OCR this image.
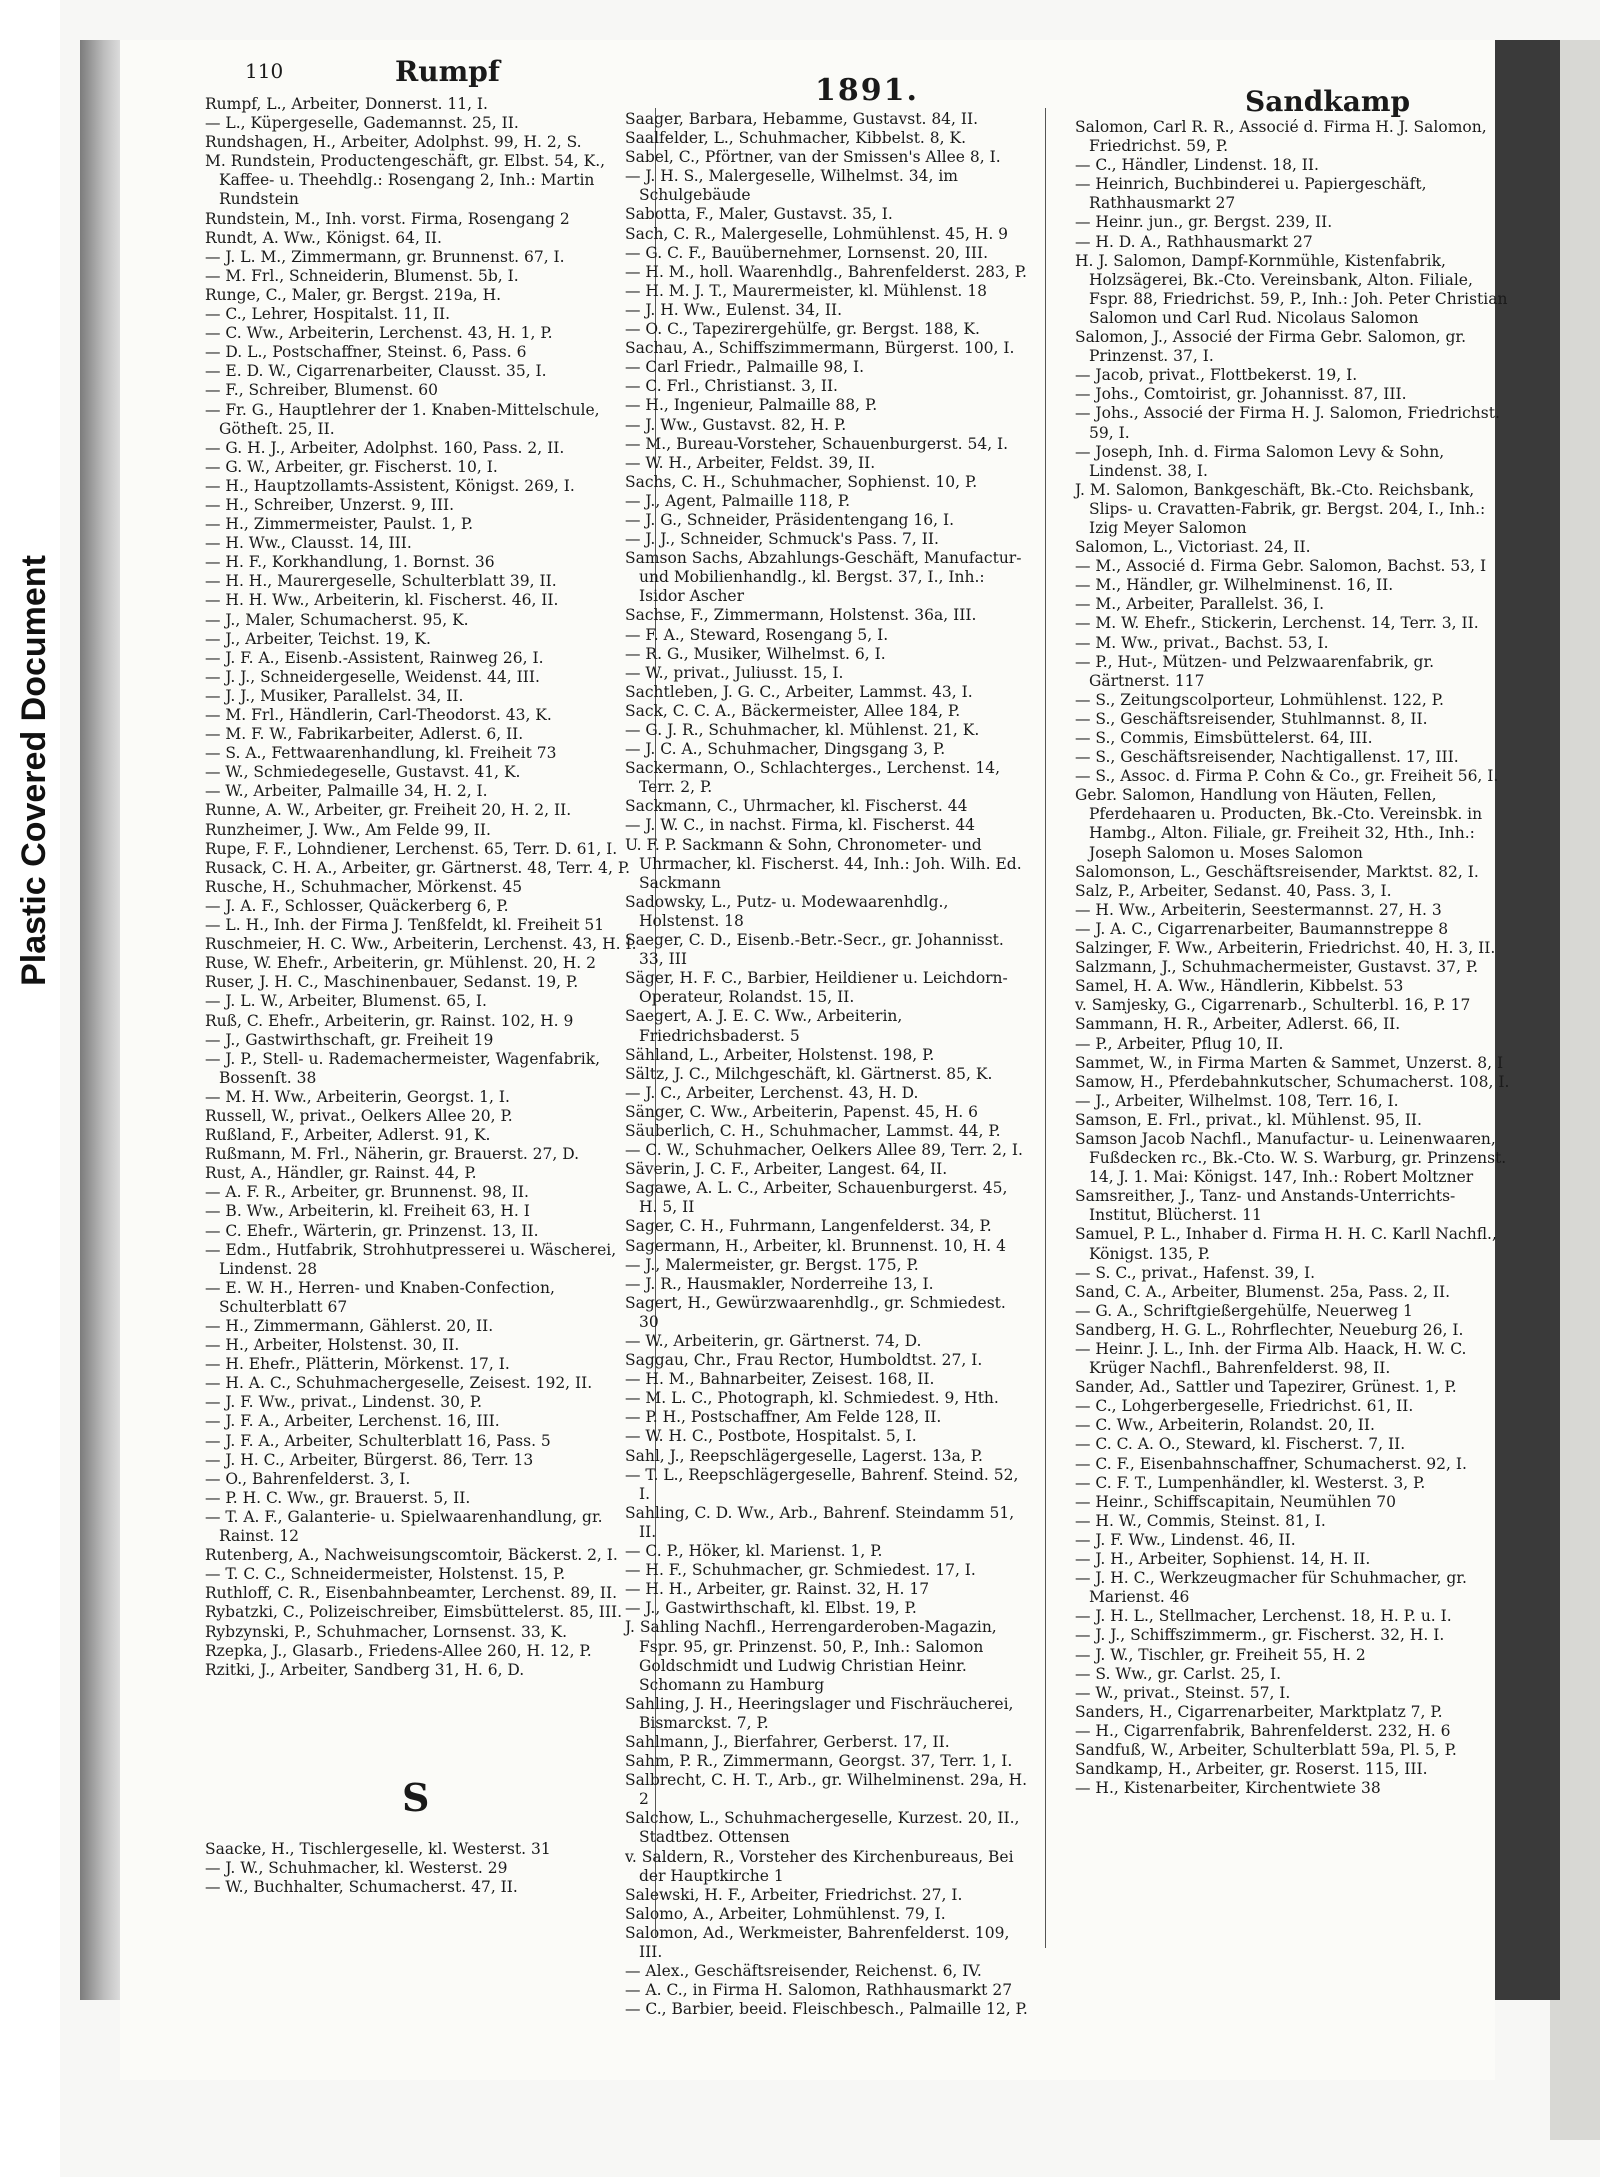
Plastic Covered Document
110	Rumpf
1891.	Sandkamp

Rumpf, L., Arbeiter, Donnerst. 11, I.

— L., Küpergeselle, Gademannst. 25, II.

Rundshagen, H., Arbeiter, Adolphst. 99, H. 2, S.

M. Rundstein, Productengeschäft, gr. Elbst. 54, K., Kaffee- u. Theehdlg.: Rosengang 2, Inh.: Martin Rundstein

Rundstein, M., Inh. vorst. Firma, Rosengang 2

Rundt, A. Ww., Königst. 64, II.

— J. L. M., Zimmermann, gr. Brunnenst. 67, I.

— M. Frl., Schneiderin, Blumenst. 5b, I.

Runge, C., Maler, gr. Bergst. 219a, H.

— C., Lehrer, Hospitalst. 11, II.

— C. Ww., Arbeiterin, Lerchenst. 43, H. 1, P.

— D. L., Postschaffner, Steinst. 6, Pass. 6

— E. D. W., Cigarrenarbeiter, Clausst. 35, I.

— F., Schreiber, Blumenst. 60

— Fr. G., Hauptlehrer der 1. Knaben-Mittelschule, Götheſt. 25, II.

— G. H. J., Arbeiter, Adolphst. 160, Pass. 2, II.

— G. W., Arbeiter, gr. Fischerst. 10, I.

— H., Hauptzollamts-Assistent, Königst. 269, I.

— H., Schreiber, Unzerst. 9, III.

— H., Zimmermeister, Paulst. 1, P.

— H. Ww., Clausst. 14, III.

— H. F., Korkhandlung, 1. Bornst. 36

— H. H., Maurergeselle, Schulterblatt 39, II.

— H. H. Ww., Arbeiterin, kl. Fischerst. 46, II.

— J., Maler, Schumacherst. 95, K.

— J., Arbeiter, Teichst. 19, K.

— J. F. A., Eisenb.-Assistent, Rainweg 26, I.

— J. J., Schneidergeselle, Weidenst. 44, III.

— J. J., Musiker, Parallelst. 34, II.

— M. Frl., Händlerin, Carl-Theodorst. 43, K.

— M. F. W., Fabrikarbeiter, Adlerst. 6, II.

— S. A., Fettwaarenhandlung, kl. Freiheit 73

— W., Schmiedegeselle, Gustavst. 41, K.

— W., Arbeiter, Palmaille 34, H. 2, I.

Runne, A. W., Arbeiter, gr. Freiheit 20, H. 2, II.

Runzheimer, J. Ww., Am Felde 99, II.

Rupe, F. F., Lohndiener, Lerchenst. 65, Terr. D. 61, I.

Rusack, C. H. A., Arbeiter, gr. Gärtnerst. 48, Terr. 4, P.

Rusche, H., Schuhmacher, Mörkenst. 45

— J. A. F., Schlosser, Quäckerberg 6, P.

— L. H., Inh. der Firma J. Tenßfeldt, kl. Freiheit 51

Ruschmeier, H. C. Ww., Arbeiterin, Lerchenst. 43, H. I.

Ruse, W. Ehefr., Arbeiterin, gr. Mühlenst. 20, H. 2

Ruser, J. H. C., Maschinenbauer, Sedanst. 19, P.

— J. L. W., Arbeiter, Blumenst. 65, I.

Ruß, C. Ehefr., Arbeiterin, gr. Rainst. 102, H. 9

— J., Gastwirthschaft, gr. Freiheit 19

— J. P., Stell- u. Rademachermeister, Wagenfabrik, Bossenſt. 38

— M. H. Ww., Arbeiterin, Georgst. 1, I.

Russell, W., privat., Oelkers Allee 20, P.

Rußland, F., Arbeiter, Adlerst. 91, K.

Rußmann, M. Frl., Näherin, gr. Brauerst. 27, D.

Rust, A., Händler, gr. Rainst. 44, P.

— A. F. R., Arbeiter, gr. Brunnenst. 98, II.

— B. Ww., Arbeiterin, kl. Freiheit 63, H. I

— C. Ehefr., Wärterin, gr. Prinzenst. 13, II.

— Edm., Hutfabrik, Strohhutpresserei u. Wäscherei, Lindenst. 28

— E. W. H., Herren- und Knaben-Confection, Schulterblatt 67

— H., Zimmermann, Gählerst. 20, II.

— H., Arbeiter, Holstenst. 30, II.

— H. Ehefr., Plätterin, Mörkenst. 17, I.

— H. A. C., Schuhmachergeselle, Zeisest. 192, II.

— J. F. Ww., privat., Lindenst. 30, P.

— J. F. A., Arbeiter, Lerchenst. 16, III.

— J. F. A., Arbeiter, Schulterblatt 16, Pass. 5

— J. H. C., Arbeiter, Bürgerst. 86, Terr. 13

— O., Bahrenfelderst. 3, I.

— P. H. C. Ww., gr. Brauerst. 5, II.

— T. A. F., Galanterie- u. Spielwaarenhandlung, gr. Rainst. 12

Rutenberg, A., Nachweisungscomtoir, Bäckerst. 2, I.

— T. C. C., Schneidermeister, Holstenst. 15, P.

Ruthloff, C. R., Eisenbahnbeamter, Lerchenst. 89, II.

Rybatzki, C., Polizeischreiber, Eimsbüttelerst. 85, III.

Rybzynski, P., Schuhmacher, Lornsenst. 33, K.

Rzepka, J., Glasarb., Friedens-Allee 260, H. 12, P.

Rzitki, J., Arbeiter, Sandberg 31, H. 6, D.

S

Saacke, H., Tischlergeselle, kl. Westerst. 31

— J. W., Schuhmacher, kl. Westerst. 29

— W., Buchhalter, Schumacherst. 47, II.

Saager, Barbara, Hebamme, Gustavst. 84, II.

Saalfelder, L., Schuhmacher, Kibbelst. 8, K.

Sabel, C., Pförtner, van der Smissen's Allee 8, I.

— J. H. S., Malergeselle, Wilhelmst. 34, im Schulgebäude

Sabotta, F., Maler, Gustavst. 35, I.

Sach, C. R., Malergeselle, Lohmühlenst. 45, H. 9

— G. C. F., Bauübernehmer, Lornsenst. 20, III.

— H. M., holl. Waarenhdlg., Bahrenfelderst. 283, P.

— H. M. J. T., Maurermeister, kl. Mühlenst. 18

— J. H. Ww., Eulenst. 34, II.

— O. C., Tapezirergehülfe, gr. Bergst. 188, K.

Sachau, A., Schiffszimmermann, Bürgerst. 100, I.

— Carl Friedr., Palmaille 98, I.

— C. Frl., Christianst. 3, II.

— H., Ingenieur, Palmaille 88, P.

— J. Ww., Gustavst. 82, H. P.

— M., Bureau-Vorsteher, Schauenburgerst. 54, I.

— W. H., Arbeiter, Feldst. 39, II.

Sachs, C. H., Schuhmacher, Sophienst. 10, P.

— J., Agent, Palmaille 118, P.

— J. G., Schneider, Präsidentengang 16, I.

— J. J., Schneider, Schmuck's Pass. 7, II.

Samson Sachs, Abzahlungs-Geschäft, Manufactur- und Mobilienhandlg., kl. Bergst. 37, I., Inh.: Isidor Ascher

Sachse, F., Zimmermann, Holstenst. 36a, III.

— F. A., Steward, Rosengang 5, I.

— R. G., Musiker, Wilhelmst. 6, I.

— W., privat., Juliusst. 15, I.

Sachtleben, J. G. C., Arbeiter, Lammst. 43, I.

Sack, C. C. A., Bäckermeister, Allee 184, P.

— G. J. R., Schuhmacher, kl. Mühlenst. 21, K.

— J. C. A., Schuhmacher, Dingsgang 3, P.

Sackermann, O., Schlachterges., Lerchenst. 14, Terr. 2, P.

Sackmann, C., Uhrmacher, kl. Fischerst. 44

— J. W. C., in nachst. Firma, kl. Fischerst. 44

U. F. P. Sackmann & Sohn, Chronometer- und Uhrmacher, kl. Fischerst. 44, Inh.: Joh. Wilh. Ed. Sackmann

Sadowsky, L., Putz- u. Modewaarenhdlg., Holstenst. 18

Saeger, C. D., Eisenb.-Betr.-Secr., gr. Johannisst. 33, III

Säger, H. F. C., Barbier, Heildiener u. Leichdorn-Operateur, Rolandst. 15, II.

Saegert, A. J. E. C. Ww., Arbeiterin, Friedrichsbaderst. 5

Sähland, L., Arbeiter, Holstenst. 198, P.

Sältz, J. C., Milchgeschäft, kl. Gärtnerst. 85, K.

— J. C., Arbeiter, Lerchenst. 43, H. D.

Sänger, C. Ww., Arbeiterin, Papenst. 45, H. 6

Säuberlich, C. H., Schuhmacher, Lammst. 44, P.

— C. W., Schuhmacher, Oelkers Allee 89, Terr. 2, I.

Säverin, J. C. F., Arbeiter, Langest. 64, II.

Sagawe, A. L. C., Arbeiter, Schauenburgerst. 45, H. 5, II

Sager, C. H., Fuhrmann, Langenfelderst. 34, P.

Sagermann, H., Arbeiter, kl. Brunnenst. 10, H. 4

— J., Malermeister, gr. Bergst. 175, P.

— J. R., Hausmakler, Norderreihe 13, I.

Sagert, H., Gewürzwaarenhdlg., gr. Schmiedest. 30

— W., Arbeiterin, gr. Gärtnerst. 74, D.

Saggau, Chr., Frau Rector, Humboldtst. 27, I.

— H. M., Bahnarbeiter, Zeisest. 168, II.

— M. L. C., Photograph, kl. Schmiedest. 9, Hth.

— P. H., Postschaffner, Am Felde 128, II.

— W. H. C., Postbote, Hospitalst. 5, I.

Sahl, J., Reepschlägergeselle, Lagerst. 13a, P.

— T. L., Reepschlägergeselle, Bahrenf. Steind. 52, I.

Sahling, C. D. Ww., Arb., Bahrenf. Steindamm 51, II.

— C. P., Höker, kl. Marienst. 1, P.

— H. F., Schuhmacher, gr. Schmiedest. 17, I.

— H. H., Arbeiter, gr. Rainst. 32, H. 17

— J., Gastwirthschaft, kl. Elbst. 19, P.

J. Sahling Nachfl., Herrengarderoben-Magazin, Fspr. 95, gr. Prinzenst. 50, P., Inh.: Salomon Goldschmidt und Ludwig Christian Heinr. Schomann zu Hamburg

Sahling, J. H., Heeringslager und Fischräucherei, Bismarckst. 7, P.

Sahlmann, J., Bierfahrer, Gerberst. 17, II.

Sahm, P. R., Zimmermann, Georgst. 37, Terr. 1, I.

Salbrecht, C. H. T., Arb., gr. Wilhelminenst. 29a, H. 2

Salchow, L., Schuhmachergeselle, Kurzest. 20, II., Stadtbez. Ottensen

v. Saldern, R., Vorsteher des Kirchenbureaus, Bei der Hauptkirche 1

Salewski, H. F., Arbeiter, Friedrichst. 27, I.

Salomo, A., Arbeiter, Lohmühlenst. 79, I.

Salomon, Ad., Werkmeister, Bahrenfelderst. 109, III.

— Alex., Geschäftsreisender, Reichenst. 6, IV.

— A. C., in Firma H. Salomon, Rathhausmarkt 27

— C., Barbier, beeid. Fleischbesch., Palmaille 12, P.

Salomon, Carl R. R., Associé d. Firma H. J. Salomon, Friedrichst. 59, P.

— C., Händler, Lindenst. 18, II.

— Heinrich, Buchbinderei u. Papiergeschäft, Rathhausmarkt 27

— Heinr. jun., gr. Bergst. 239, II.

— H. D. A., Rathhausmarkt 27

H. J. Salomon, Dampf-Kornmühle, Kistenfabrik, Holzsägerei, Bk.-Cto. Vereinsbank, Alton. Filiale, Fspr. 88, Friedrichst. 59, P., Inh.: Joh. Peter Christian Salomon und Carl Rud. Nicolaus Salomon

Salomon, J., Associé der Firma Gebr. Salomon, gr. Prinzenst. 37, I.

— Jacob, privat., Flottbekerst. 19, I.

— Johs., Comtoirist, gr. Johannisst. 87, III.

— Johs., Associé der Firma H. J. Salomon, Friedrichst. 59, I.

— Joseph, Inh. d. Firma Salomon Levy & Sohn, Lindenst. 38, I.

J. M. Salomon, Bankgeschäft, Bk.-Cto. Reichsbank, Slips- u. Cravatten-Fabrik, gr. Bergst. 204, I., Inh.: Izig Meyer Salomon

Salomon, L., Victoriast. 24, II.

— M., Associé d. Firma Gebr. Salomon, Bachst. 53, I

— M., Händler, gr. Wilhelminenst. 16, II.

— M., Arbeiter, Parallelst. 36, I.

— M. W. Ehefr., Stickerin, Lerchenst. 14, Terr. 3, II.

— M. Ww., privat., Bachst. 53, I.

— P., Hut-, Mützen- und Pelzwaarenfabrik, gr. Gärtnerst. 117

— S., Zeitungscolporteur, Lohmühlenst. 122, P.

— S., Geschäftsreisender, Stuhlmannst. 8, II.

— S., Commis, Eimsbüttelerst. 64, III.

— S., Geschäftsreisender, Nachtigallenst. 17, III.

— S., Assoc. d. Firma P. Cohn & Co., gr. Freiheit 56, I.

Gebr. Salomon, Handlung von Häuten, Fellen, Pferdehaaren u. Producten, Bk.-Cto. Vereinsbk. in Hambg., Alton. Filiale, gr. Freiheit 32, Hth., Inh.: Joseph Salomon u. Moses Salomon

Salomonson, L., Geschäftsreisender, Marktst. 82, I.

Salz, P., Arbeiter, Sedanst. 40, Pass. 3, I.

— H. Ww., Arbeiterin, Seestermannst. 27, H. 3

— J. A. C., Cigarrenarbeiter, Baumannstreppe 8

Salzinger, F. Ww., Arbeiterin, Friedrichst. 40, H. 3, II.

Salzmann, J., Schuhmachermeister, Gustavst. 37, P.

Samel, H. A. Ww., Händlerin, Kibbelst. 53

v. Samjesky, G., Cigarrenarb., Schulterbl. 16, P. 17

Sammann, H. R., Arbeiter, Adlerst. 66, II.

— P., Arbeiter, Pflug 10, II.

Sammet, W., in Firma Marten & Sammet, Unzerst. 8, I

Samow, H., Pferdebahnkutscher, Schumacherst. 108, I.

— J., Arbeiter, Wilhelmst. 108, Terr. 16, I.

Samson, E. Frl., privat., kl. Mühlenst. 95, II.

Samson Jacob Nachfl., Manufactur- u. Leinenwaaren, Fußdecken rc., Bk.-Cto. W. S. Warburg, gr. Prinzenst. 14, J. 1. Mai: Königst. 147, Inh.: Robert Moltzner

Samsreither, J., Tanz- und Anstands-Unterrichts-Institut, Blücherst. 11

Samuel, P. L., Inhaber d. Firma H. H. C. Karll Nachfl., Königst. 135, P.

— S. C., privat., Hafenst. 39, I.

Sand, C. A., Arbeiter, Blumenst. 25a, Pass. 2, II.

— G. A., Schriftgießergehülfe, Neuerweg 1

Sandberg, H. G. L., Rohrflechter, Neueburg 26, I.

— Heinr. J. L., Inh. der Firma Alb. Haack, H. W. C. Krüger Nachfl., Bahrenfelderst. 98, II.

Sander, Ad., Sattler und Tapezirer, Grünest. 1, P.

— C., Lohgerbergeselle, Friedrichst. 61, II.

— C. Ww., Arbeiterin, Rolandst. 20, II.

— C. C. A. O., Steward, kl. Fischerst. 7, II.

— C. F., Eisenbahnschaffner, Schumacherst. 92, I.

— C. F. T., Lumpenhändler, kl. Westerst. 3, P.

— Heinr., Schiffscapitain, Neumühlen 70

— H. W., Commis, Steinst. 81, I.

— J. F. Ww., Lindenst. 46, II.

— J. H., Arbeiter, Sophienst. 14, H. II.

— J. H. C., Werkzeugmacher für Schuhmacher, gr. Marienst. 46

— J. H. L., Stellmacher, Lerchenst. 18, H. P. u. I.

— J. J., Schiffszimmerm., gr. Fischerst. 32, H. I.

— J. W., Tischler, gr. Freiheit 55, H. 2

— S. Ww., gr. Carlst. 25, I.

— W., privat., Steinst. 57, I.

Sanders, H., Cigarrenarbeiter, Marktplatz 7, P.

— H., Cigarrenfabrik, Bahrenfelderst. 232, H. 6

Sandfuß, W., Arbeiter, Schulterblatt 59a, Pl. 5, P.

Sandkamp, H., Arbeiter, gr. Roserst. 115, III.

— H., Kistenarbeiter, Kirchentwiete 38
